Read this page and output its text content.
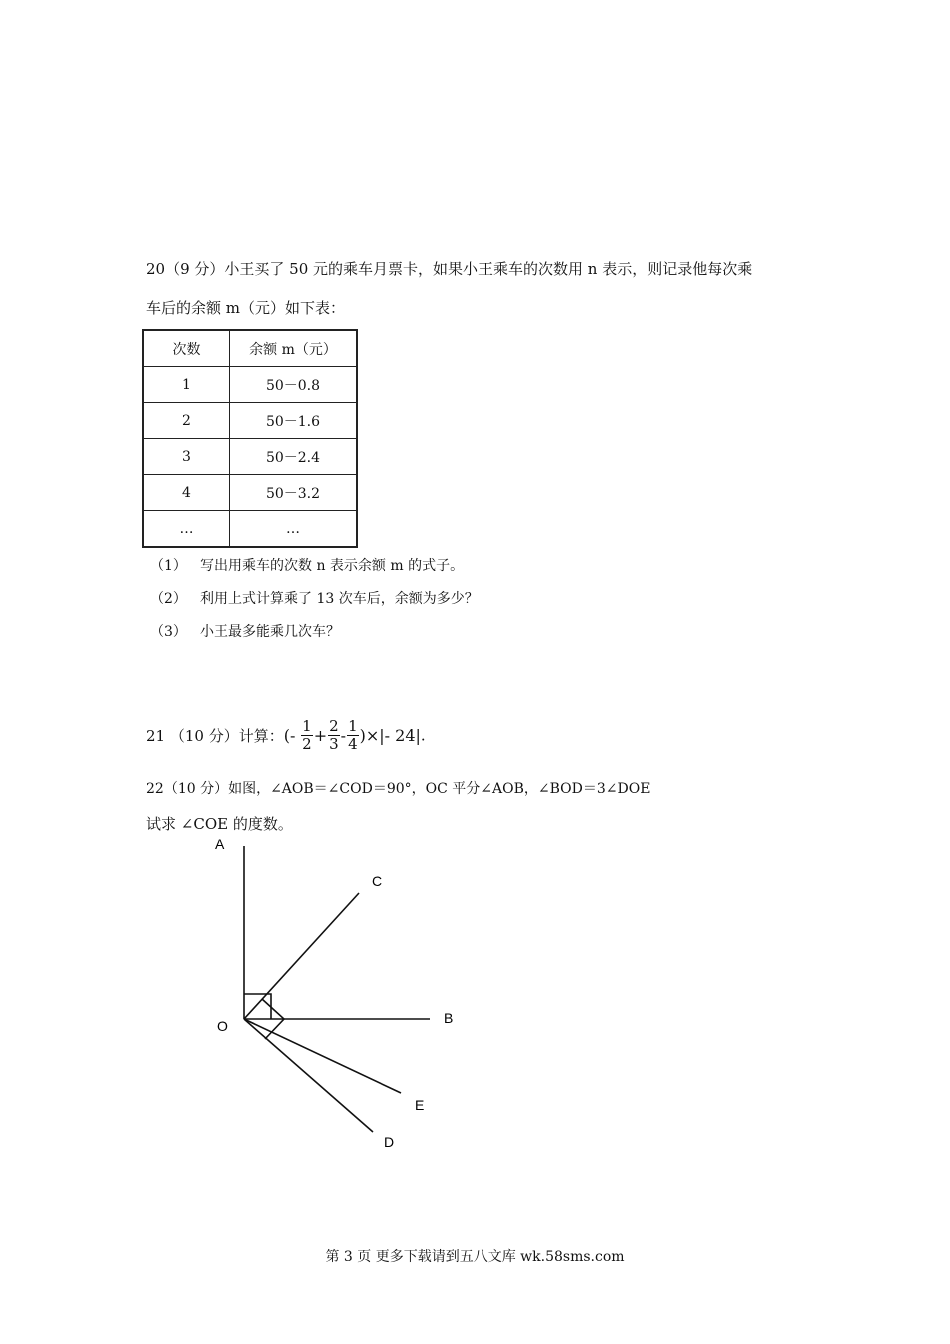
20（9 分）小王买了 50 元的乘车月票卡，如果小王乘车的次数用 n 表示，则记录他每次乘
车后的余额 m（元）如下表：
次数	余额 m（元）
1	50－0.8
2	50－1.6
3	50－2.4
4	50－3.2
…	…
（1） 写出用乘车的次数 n 表示余额 m 的式子。
（2） 利用上式计算乘了 13 次车后，余额为多少？
（3） 小王最多能乘几次车？
21 （10 分）计算：(- $\frac{1}{2} + \frac{2}{3} - \frac{1}{4}$ )×|- 24|.
22（10 分）如图，∠AOB＝∠COD＝90°，OC 平分∠AOB，∠BOD＝3∠DOE
试求 ∠COE 的度数。
A
C
B
O
E
D
第 3 页 更多下载请到五八文库 wk.58sms.com
